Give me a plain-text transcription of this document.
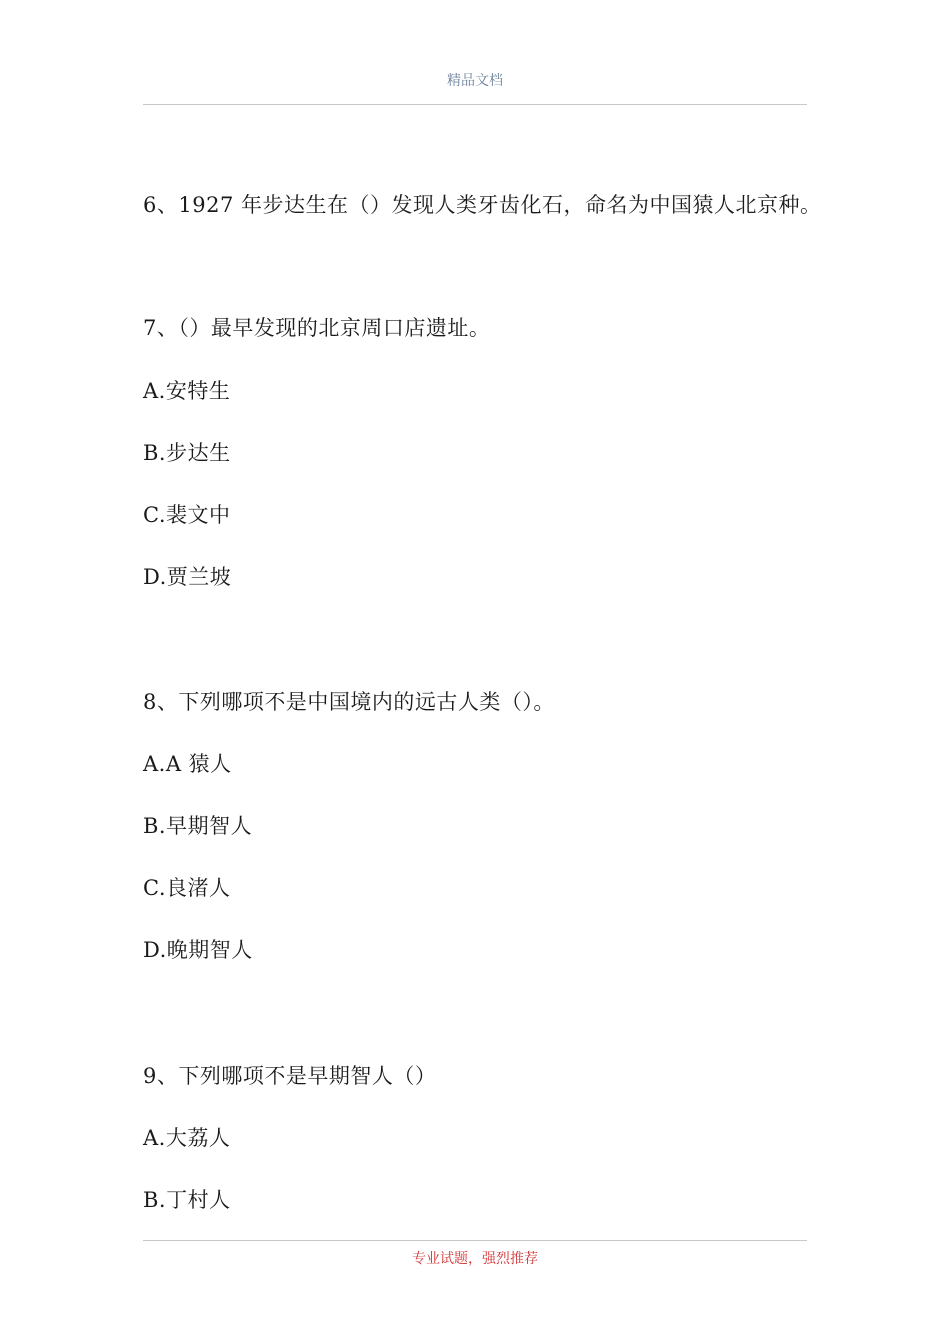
精品文档
6、1927 年步达生在（）发现人类牙齿化石，命名为中国猿人北京种。
7、（）最早发现的北京周口店遗址。
A.安特生
B.步达生
C.裴文中
D.贾兰坡
8、下列哪项不是中国境内的远古人类（）。
A.A 猿人
B.早期智人
C.良渚人
D.晚期智人
9、下列哪项不是早期智人（）
A.大荔人
B.丁村人
专业试题，强烈推荐
